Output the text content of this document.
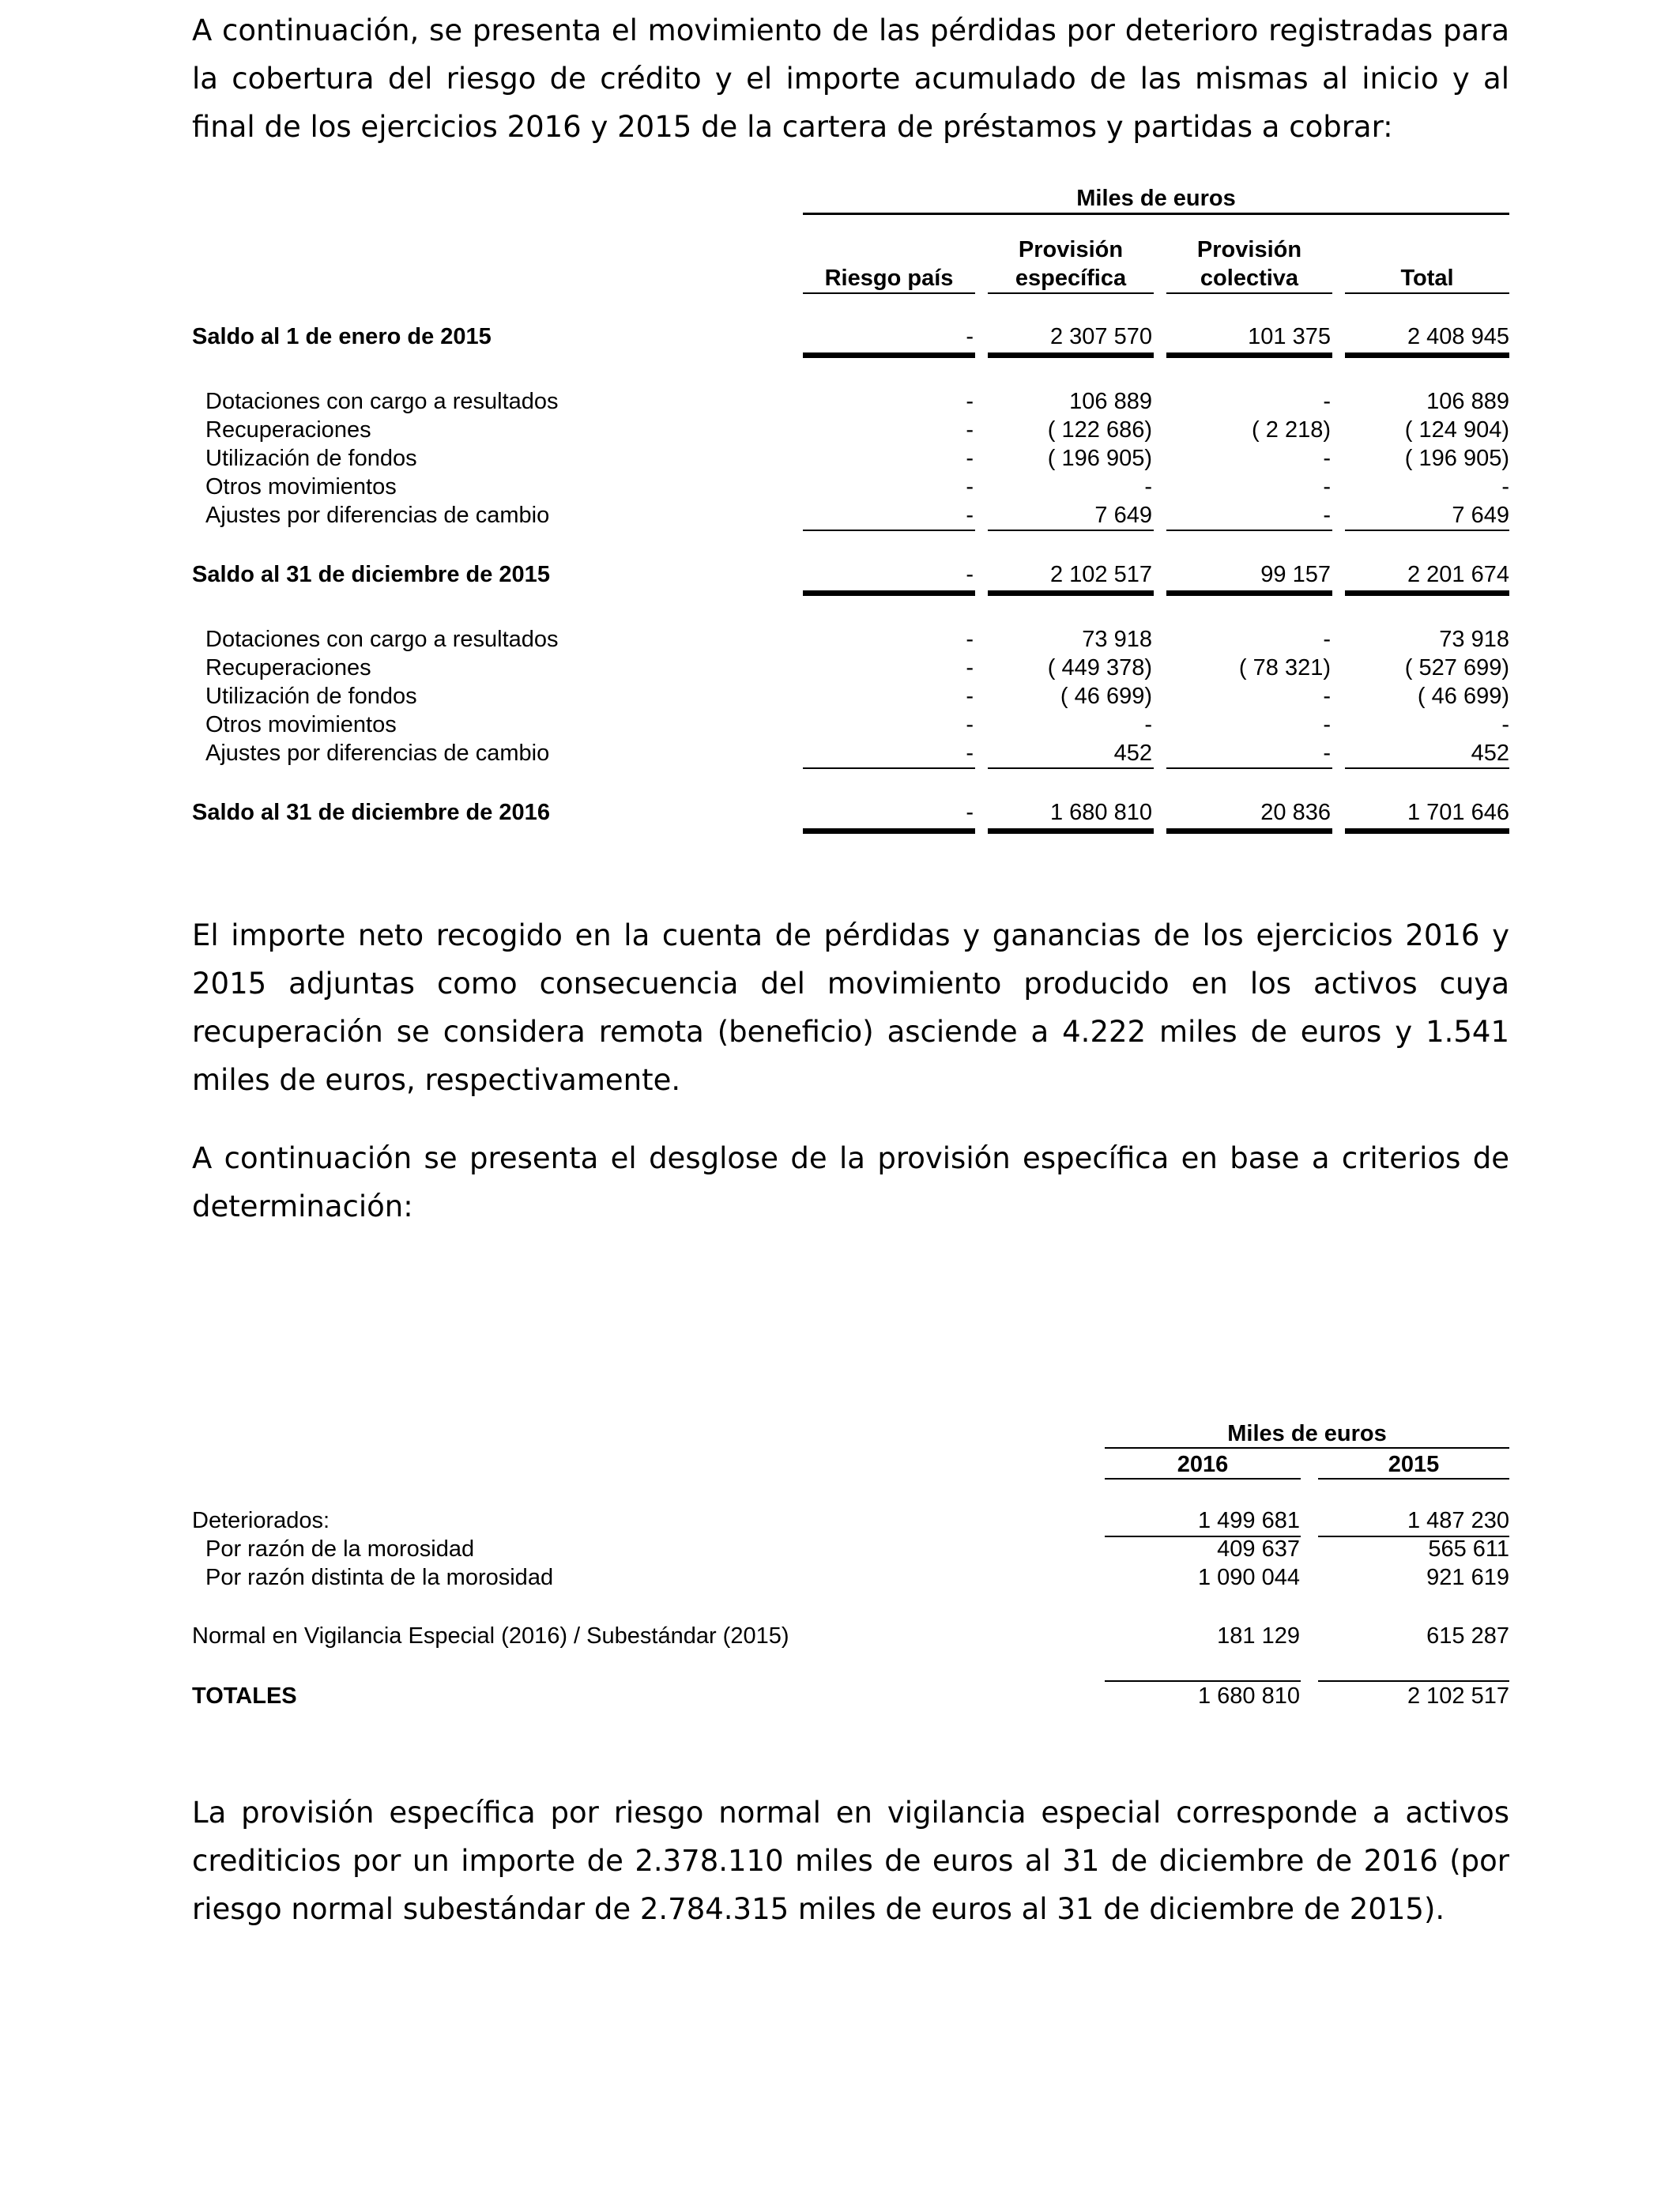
A continuación, se presenta el movimiento de las pérdidas por deterioro registradas para la cobertura del riesgo de crédito y el importe acumulado de las mismas al inicio y al final de los ejercicios 2016 y 2015 de la cartera de préstamos y partidas a cobrar:

Miles de euros
Provisión	Provisión
Riesgo país	específica	colectiva	Total
Saldo al 1 de enero de 2015	-	2 307 570	101 375	2 408 945
Dotaciones con cargo a resultados	-	106 889	-	106 889
Recuperaciones	-	( 122 686)	( 2 218)	( 124 904)
Utilización de fondos	-	( 196 905)	-	( 196 905)
Otros movimientos	-	-	-	-
Ajustes por diferencias de cambio	-	7 649	-	7 649
Saldo al 31 de diciembre de 2015	-	2 102 517	99 157	2 201 674
Dotaciones con cargo a resultados	-	73 918	-	73 918
Recuperaciones	-	( 449 378)	( 78 321)	( 527 699)
Utilización de fondos	-	( 46 699)	-	( 46 699)
Otros movimientos	-	-	-	-
Ajustes por diferencias de cambio	-	452	-	452
Saldo al 31 de diciembre de 2016	-	1 680 810	20 836	1 701 646

El importe neto recogido en la cuenta de pérdidas y ganancias de los ejercicios 2016 y 2015 adjuntas como consecuencia del movimiento producido en los activos cuya recuperación se considera remota (beneficio) asciende a 4.222 miles de euros y 1.541 miles de euros, respectivamente.

A continuación se presenta el desglose de la provisión específica en base a criterios de determinación:

Miles de euros
2016	2015
Deteriorados:	1 499 681	1 487 230
Por razón de la morosidad	409 637	565 611
Por razón distinta de la morosidad	1 090 044	921 619
Normal en Vigilancia Especial (2016) / Subestándar (2015)	181 129	615 287
TOTALES	1 680 810	2 102 517

La provisión específica por riesgo normal en vigilancia especial corresponde a activos crediticios por un importe de 2.378.110 miles de euros al 31 de diciembre de 2016 (por riesgo normal subestándar de 2.784.315 miles de euros al 31 de diciembre de 2015).
